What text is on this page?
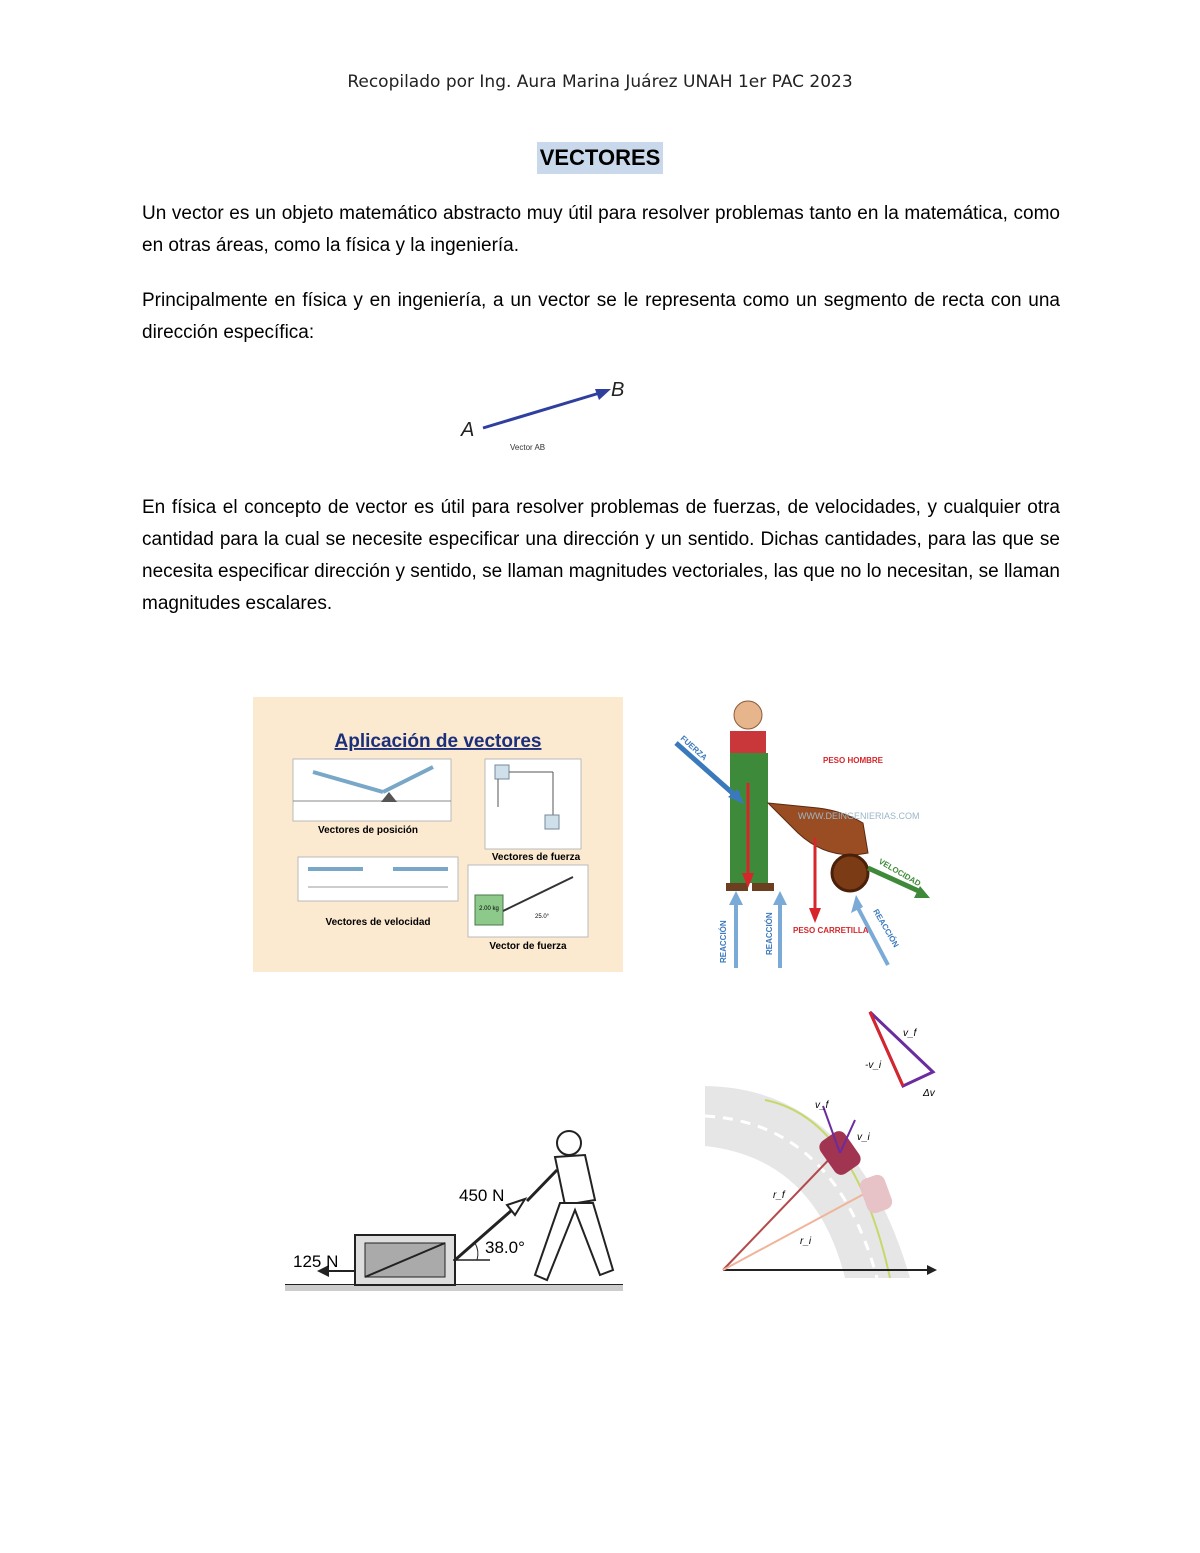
Recopilado por Ing. Aura Marina Juárez UNAH 1er PAC 2023
VECTORES

Un vector es un objeto matemático abstracto muy útil para resolver problemas tanto en la matemática, como en otras áreas, como la física y la ingeniería.

Principalmente en física y en ingeniería, a un vector se le representa como un segmento de recta con una dirección específica:

A
B
Vector AB

En física el concepto de vector es útil para resolver problemas de fuerzas, de velocidades, y cualquier otra cantidad para la cual se necesite especificar una dirección y un sentido. Dichas cantidades, para las que se necesita especificar dirección y sentido, se llaman magnitudes vectoriales, las que no lo necesitan, se llaman magnitudes escalares.

Aplicación de vectores
Vectores de posición
Vectores de fuerza
Vectores de velocidad
2.00 kg
25.0°
Vector de fuerza
WWW.DEINGENIERIAS.COM
FUERZA	PESO HOMBRE
VELOCIDAD
REACCIÓN	REACCIÓN PESO CARRETILLA REACCIÓN
38.0°
450 N
125 N
v_f
-v_i
Δv
v_f
v_i
r_f
r_i
